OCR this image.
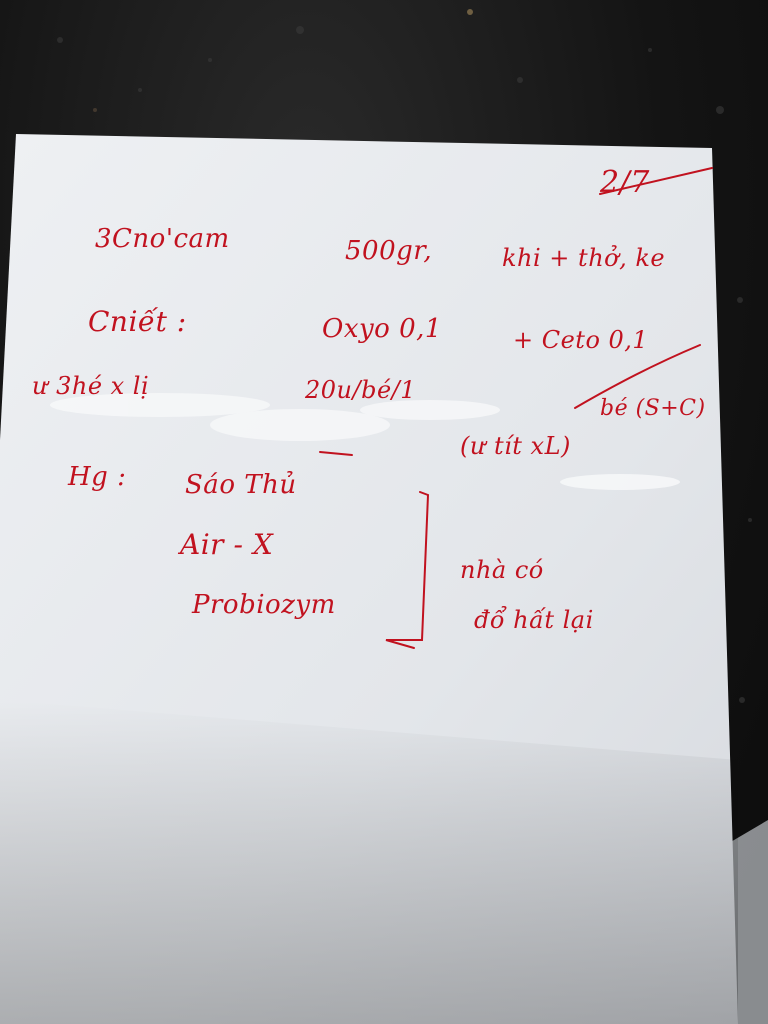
2/7
3Cno'cam	500gr,	khi + thở, ke
Cniết :	Oxyo 0,1	+ Ceto 0,1
ư 3hé x lị	20u/bé/1
bé (S+C)
(ư tít xL)
Hg : Sáo Thủ
Air - X
Probiozym
nhà có
đổ hất lại
